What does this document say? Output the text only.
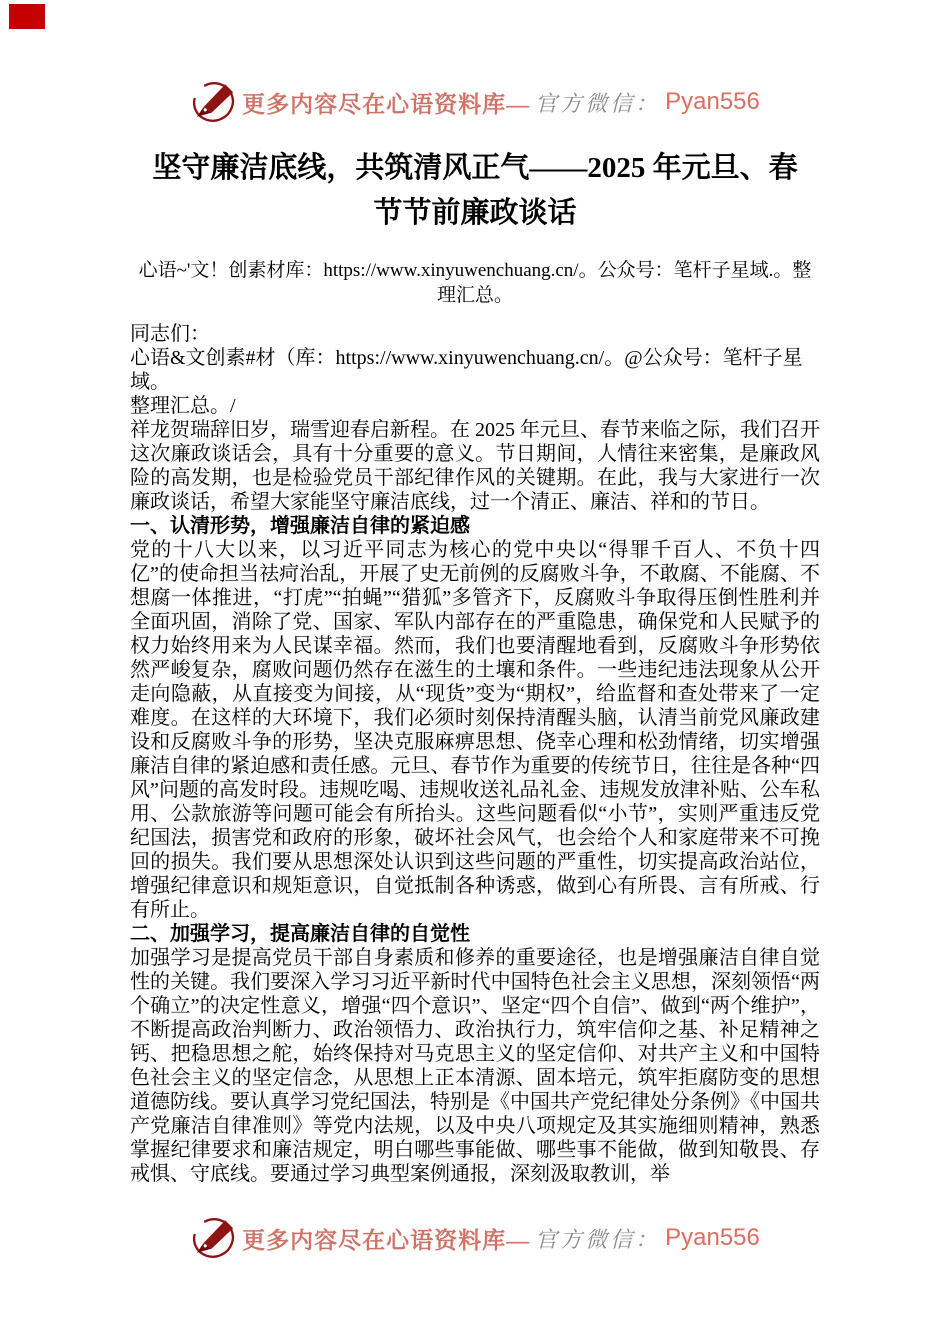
更多内容尽在心语资料库— 官方微信： Pyan556
坚守廉洁底线，共筑清风正气——2025 年元旦、春
节节前廉政谈话

心语~'文！创素材库：https://www.xinyuwenchuang.cn/。公众号：笔杆子星域.。整
理汇总。

同志们：

心语&文创素#材（库：https://www.xinyuwenchuang.cn/。@公众号：笔杆子星域。
整理汇总。/

祥龙贺瑞辞旧岁，瑞雪迎春启新程。在 2025 年元旦、春节来临之际，我们召开这次廉政谈话会，具有十分重要的意义。节日期间，人情往来密集，是廉政风险的高发期，也是检验党员干部纪律作风的关键期。在此，我与大家进行一次廉政谈话，希望大家能坚守廉洁底线，过一个清正、廉洁、祥和的节日。

一、认清形势，增强廉洁自律的紧迫感

党的十八大以来，以习近平同志为核心的党中央以“得罪千百人、不负十四亿”的使命担当祛疴治乱，开展了史无前例的反腐败斗争，不敢腐、不能腐、不想腐一体推进，“打虎”“拍蝇”“猎狐”多管齐下，反腐败斗争取得压倒性胜利并全面巩固，消除了党、国家、军队内部存在的严重隐患，确保党和人民赋予的权力始终用来为人民谋幸福。然而，我们也要清醒地看到，反腐败斗争形势依然严峻复杂，腐败问题仍然存在滋生的土壤和条件。一些违纪违法现象从公开走向隐蔽，从直接变为间接，从“现货”变为“期权”，给监督和查处带来了一定难度。在这样的大环境下，我们必须时刻保持清醒头脑，认清当前党风廉政建设和反腐败斗争的形势，坚决克服麻痹思想、侥幸心理和松劲情绪，切实增强廉洁自律的紧迫感和责任感。元旦、春节作为重要的传统节日，往往是各种“四风”问题的高发时段。违规吃喝、违规收送礼品礼金、违规发放津补贴、公车私用、公款旅游等问题可能会有所抬头。这些问题看似“小节”，实则严重违反党纪国法，损害党和政府的形象，破坏社会风气，也会给个人和家庭带来不可挽回的损失。我们要从思想深处认识到这些问题的严重性，切实提高政治站位，增强纪律意识和规矩意识，自觉抵制各种诱惑，做到心有所畏、言有所戒、行有所止。

二、加强学习，提高廉洁自律的自觉性

加强学习是提高党员干部自身素质和修养的重要途径，也是增强廉洁自律自觉性的关键。我们要深入学习习近平新时代中国特色社会主义思想，深刻领悟“两个确立”的决定性意义，增强“四个意识”、坚定“四个自信”、做到“两个维护”，不断提高政治判断力、政治领悟力、政治执行力，筑牢信仰之基、补足精神之钙、把稳思想之舵，始终保持对马克思主义的坚定信仰、对共产主义和中国特色社会主义的坚定信念，从思想上正本清源、固本培元，筑牢拒腐防变的思想道德防线。要认真学习党纪国法，特别是《中国共产党纪律处分条例》《中国共产党廉洁自律准则》等党内法规，以及中央八项规定及其实施细则精神，熟悉掌握纪律要求和廉洁规定，明白哪些事能做、哪些事不能做，做到知敬畏、存戒惧、守底线。要通过学习典型案例通报，深刻汲取教训，举

更多内容尽在心语资料库— 官方微信： Pyan556
